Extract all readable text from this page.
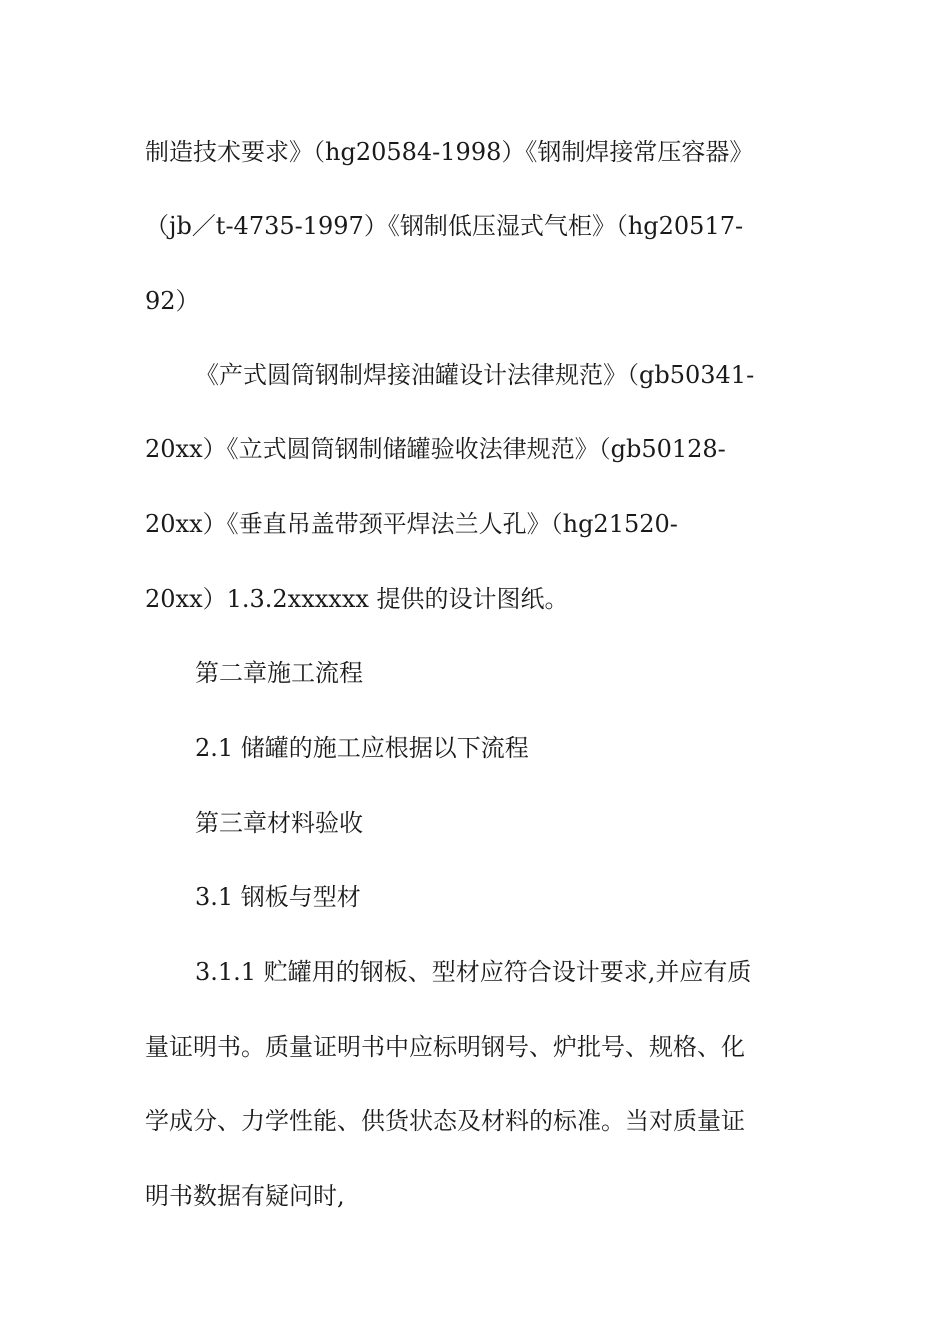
制造技术要求》（hg20584-1998）《钢制焊接常压容器》
（jb／t-4735-1997）《钢制低压湿式气柜》（hg20517-
92）
《产式圆筒钢制焊接油罐设计法律规范》（gb50341-
20xx）《立式圆筒钢制储罐验收法律规范》（gb50128-
20xx）《垂直吊盖带颈平焊法兰人孔》（hg21520-
20xx）1.3.2xxxxxx 提供的设计图纸。
第二章施工流程
2.1 储罐的施工应根据以下流程
第三章材料验收
3.1 钢板与型材
3.1.1 贮罐用的钢板、型材应符合设计要求,并应有质
量证明书。质量证明书中应标明钢号、炉批号、规格、化
学成分、力学性能、供货状态及材料的标准。当对质量证
明书数据有疑问时,
